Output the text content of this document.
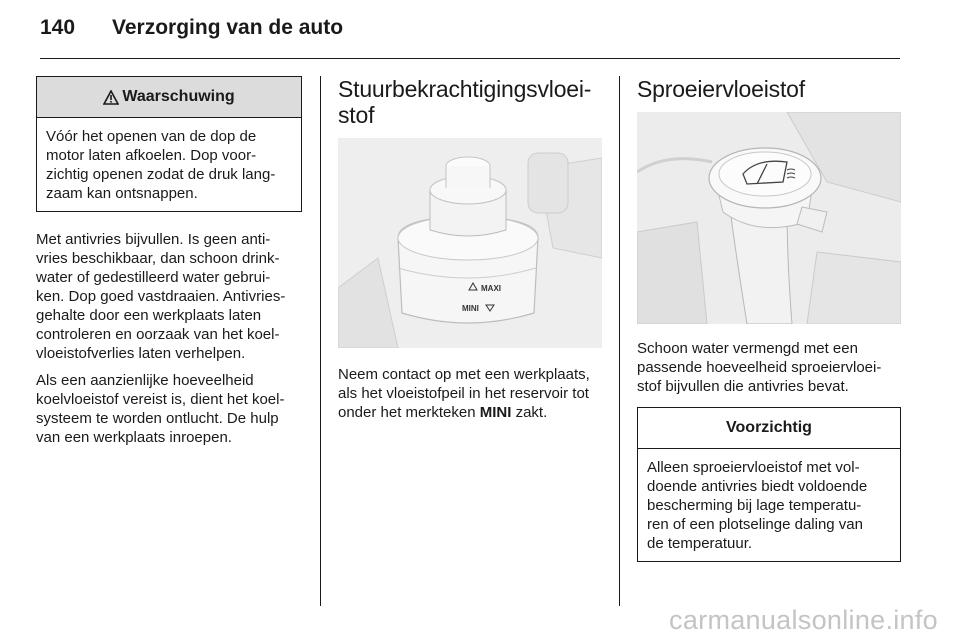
140 Verzorging van de auto
Waarschuwing
Vóór het openen van de dop de
motor laten afkoelen. Dop voor-
zichtig openen zodat de druk lang-
zaam kan ontsnappen.

Met antivries bijvullen. Is geen anti-
vries beschikbaar, dan schoon drink-
water of gedestilleerd water gebrui-
ken. Dop goed vastdraaien. Antivries-
gehalte door een werkplaats laten
controleren en oorzaak van het koel-
vloeistofverlies laten verhelpen.

Als een aanzienlijke hoeveelheid
koelvloeistof vereist is, dient het koel-
systeem te worden ontlucht. De hulp
van een werkplaats inroepen.

Stuurbekrachtigingsvloei-
stof
MAXI
MINI

Neem contact op met een werkplaats,
als het vloeistofpeil in het reservoir tot
onder het merkteken MINI zakt.

Sproeiervloeistof

Schoon water vermengd met een
passende hoeveelheid sproeiervloei-
stof bijvullen die antivries bevat.

Voorzichtig
Alleen sproeiervloeistof met vol-
doende antivries biedt voldoende
bescherming bij lage temperatu-
ren of een plotselinge daling van
de temperatuur.
carmanualsonline.info
